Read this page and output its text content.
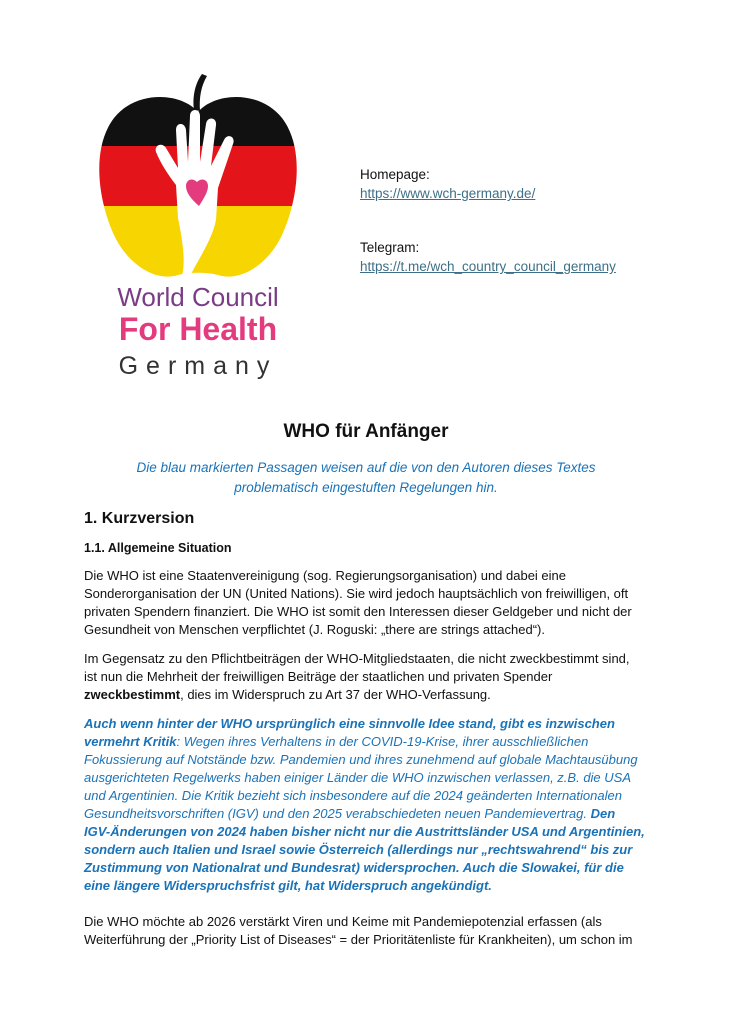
World Council
For Health
Germany
Homepage:
https://www.wch-germany.de/
Telegram:
https://t.me/wch_country_council_germany
WHO für Anfänger
Die blau markierten Passagen weisen auf die von den Autoren dieses Textes
problematisch eingestuften Regelungen hin.
1. Kurzversion
1.1. Allgemeine Situation
Die WHO ist eine Staatenvereinigung (sog. Regierungsorganisation) und dabei eine
Sonderorganisation der UN (United Nations). Sie wird jedoch hauptsächlich von freiwilligen, oft
privaten Spendern finanziert. Die WHO ist somit den Interessen dieser Geldgeber und nicht der
Gesundheit von Menschen verpflichtet (J. Roguski: „there are strings attached“).
Im Gegensatz zu den Pflichtbeiträgen der WHO-Mitgliedstaaten, die nicht zweckbestimmt sind,
ist nun die Mehrheit der freiwilligen Beiträge der staatlichen und privaten Spender
zweckbestimmt, dies im Widerspruch zu Art 37 der WHO-Verfassung.
Auch wenn hinter der WHO ursprünglich eine sinnvolle Idee stand, gibt es inzwischen
vermehrt Kritik: Wegen ihres Verhaltens in der COVID-19-Krise, ihrer ausschließlichen
Fokussierung auf Notstände bzw. Pandemien und ihres zunehmend auf globale Machtausübung
ausgerichteten Regelwerks haben einiger Länder die WHO inzwischen verlassen, z.B. die USA
und Argentinien. Die Kritik bezieht sich insbesondere auf die 2024 geänderten Internationalen
Gesundheitsvorschriften (IGV) und den 2025 verabschiedeten neuen Pandemievertrag. Den
IGV-Änderungen von 2024 haben bisher nicht nur die Austrittsländer USA und Argentinien,
sondern auch Italien und Israel sowie Österreich (allerdings nur „rechtswahrend“ bis zur
Zustimmung von Nationalrat und Bundesrat) widersprochen. Auch die Slowakei, für die
eine längere Widerspruchsfrist gilt, hat Widerspruch angekündigt.
Die WHO möchte ab 2026 verstärkt Viren und Keime mit Pandemiepotenzial erfassen (als
Weiterführung der „Priority List of Diseases“ = der Prioritätenliste für Krankheiten), um schon im
